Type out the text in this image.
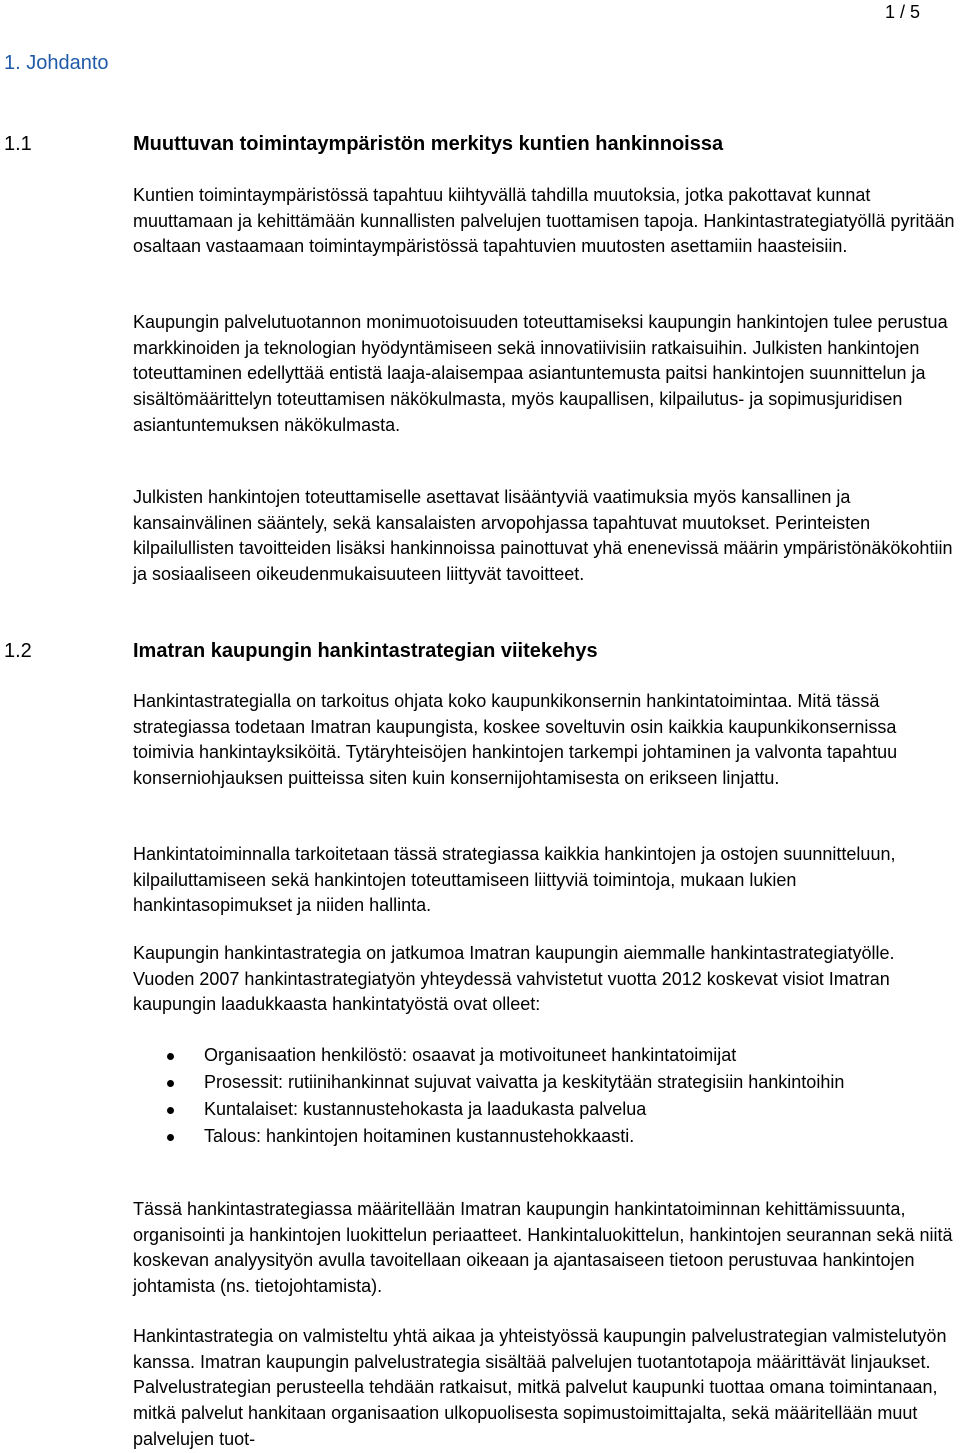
1 / 5
1. Johdanto
1.1	Muuttuvan toimintaympäristön merkitys kuntien hankinnoissa

Kuntien toimintaympäristössä tapahtuu kiihtyvällä tahdilla muutoksia, jotka pakottavat kunnat muuttamaan ja kehittämään kunnallisten palvelujen tuottamisen tapoja. Hankintastrategiatyöllä pyritään osaltaan vastaamaan toimintaympäristössä tapahtuvien muutosten asettamiin haasteisiin.

Kaupungin palvelutuotannon monimuotoisuuden toteuttamiseksi kaupungin hankintojen tulee perustua markkinoiden ja teknologian hyödyntämiseen sekä innovatiivisiin ratkaisuihin. Julkisten hankintojen toteuttaminen edellyttää entistä laaja-alaisempaa asiantuntemusta paitsi hankintojen suunnittelun ja sisältömäärittelyn toteuttamisen näkökulmasta, myös kaupallisen, kilpailutus- ja sopimusjuridisen asiantuntemuksen näkökulmasta.

Julkisten hankintojen toteuttamiselle asettavat lisääntyviä vaatimuksia myös kansallinen ja kansainvälinen sääntely, sekä kansalaisten arvopohjassa tapahtuvat muutokset. Perinteisten kilpailullisten tavoitteiden lisäksi hankinnoissa painottuvat yhä enenevissä määrin ympäristönäkökohtiin ja sosiaaliseen oikeudenmukaisuuteen liittyvät tavoitteet.

1.2	Imatran kaupungin hankintastrategian viitekehys

Hankintastrategialla on tarkoitus ohjata koko kaupunkikonsernin hankintatoimintaa. Mitä tässä strategiassa todetaan Imatran kaupungista, koskee soveltuvin osin kaikkia kaupunkikonsernissa toimivia hankintayksiköitä. Tytäryhteisöjen hankintojen tarkempi johtaminen ja valvonta tapahtuu konserniohjauksen puitteissa siten kuin konsernijohtamisesta on erikseen linjattu.

Hankintatoiminnalla tarkoitetaan tässä strategiassa kaikkia hankintojen ja ostojen suunnitteluun, kilpailuttamiseen sekä hankintojen toteuttamiseen liittyviä toimintoja, mukaan lukien hankintasopimukset ja niiden hallinta.

Kaupungin hankintastrategia on jatkumoa Imatran kaupungin aiemmalle hankintastrategiatyölle. Vuoden 2007 hankintastrategiatyön yhteydessä vahvistetut vuotta 2012 koskevat visiot Imatran kaupungin laadukkaasta hankintatyöstä ovat olleet:

Organisaation henkilöstö: osaavat ja motivoituneet hankintatoimijat
Prosessit: rutiinihankinnat sujuvat vaivatta ja keskitytään strategisiin hankintoihin
Kuntalaiset: kustannustehokasta ja laadukasta palvelua
Talous: hankintojen hoitaminen kustannustehokkaasti.

Tässä hankintastrategiassa määritellään Imatran kaupungin hankintatoiminnan kehittämissuunta, organisointi ja hankintojen luokittelun periaatteet. Hankintaluokittelun, hankintojen seurannan sekä niitä koskevan analyysityön avulla tavoitellaan oikeaan ja ajantasaiseen tietoon perustuvaa hankintojen johtamista (ns. tietojohtamista).

Hankintastrategia on valmisteltu yhtä aikaa ja yhteistyössä kaupungin palvelustrategian valmistelutyön kanssa. Imatran kaupungin palvelustrategia sisältää palvelujen tuotantotapoja määrittävät linjaukset. Palvelustrategian perusteella tehdään ratkaisut, mitkä palvelut kaupunki tuottaa omana toimintanaan, mitkä palvelut hankitaan organisaation ulkopuolisesta sopimustoimittajalta, sekä määritellään muut palvelujen tuot-
